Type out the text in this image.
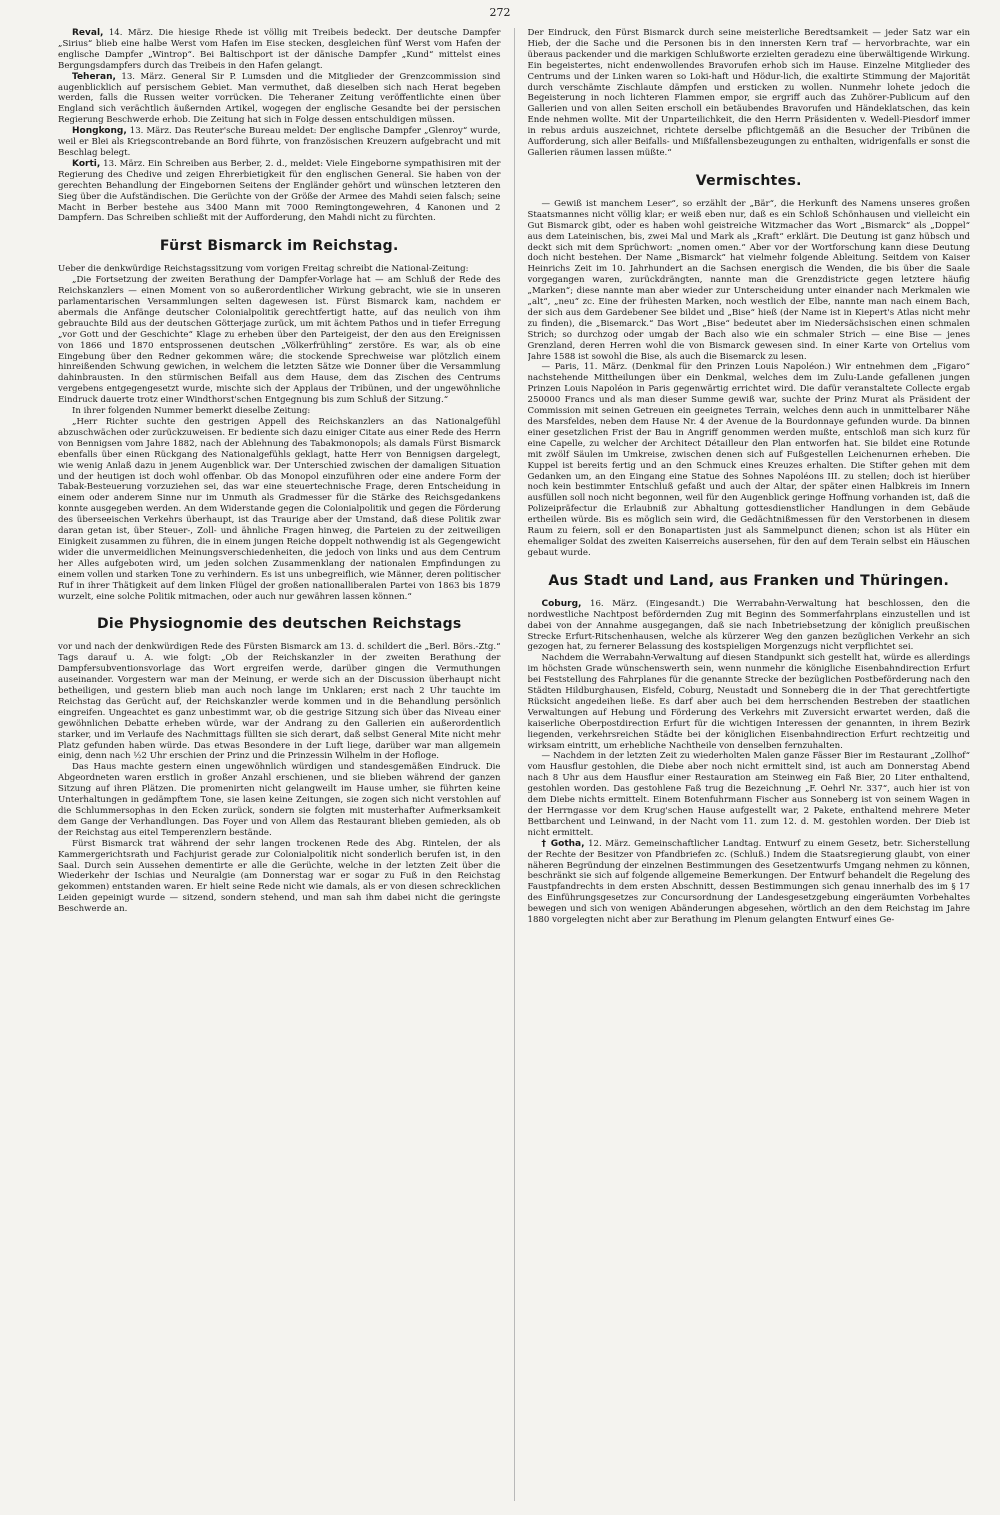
272

Reval, 14. März. Die hiesige Rhede ist völlig mit Treibeis bedeckt. Der deutsche Dampfer „Sirius“ blieb eine halbe Werst vom Hafen im Eise stecken, desgleichen fünf Werst vom Hafen der englische Dampfer „Wintrop“. Bei Baltischport ist der dänische Dampfer „Kund“ mittelst eines Bergungsdampfers durch das Treibeis in den Hafen gelangt.

Teheran, 13. März. General Sir P. Lumsden und die Mitglieder der Grenzcommission sind augenblicklich auf persischem Gebiet. Man vermuthet, daß dieselben sich nach Herat begeben werden, falls die Russen weiter vorrücken. Die Teheraner Zeitung veröffentlichte einen über England sich verächtlich äußernden Artikel, wogegen der englische Gesandte bei der persischen Regierung Beschwerde erhob. Die Zeitung hat sich in Folge dessen entschuldigen müssen.

Hongkong, 13. März. Das Reuter'sche Bureau meldet: Der englische Dampfer „Glenroy“ wurde, weil er Blei als Kriegscontrebande an Bord führte, von französischen Kreuzern aufgebracht und mit Beschlag belegt.

Korti, 13. März. Ein Schreiben aus Berber, 2. d., meldet: Viele Eingeborne sympathisiren mit der Regierung des Chedive und zeigen Ehrerbietigkeit für den englischen General. Sie haben von der gerechten Behandlung der Eingebornen Seitens der Engländer gehört und wünschen letzteren den Sieg über die Aufständischen. Die Gerüchte von der Größe der Armee des Mahdi seien falsch; seine Macht in Berber bestehe aus 3400 Mann mit 7000 Remingtongewehren, 4 Kanonen und 2 Dampfern. Das Schreiben schließt mit der Aufforderung, den Mahdi nicht zu fürchten.

Fürst Bismarck im Reichstag.

Ueber die denkwürdige Reichstagssitzung vom vorigen Freitag schreibt die National-Zeitung:

„Die Fortsetzung der zweiten Berathung der Dampfer-Vorlage hat — am Schluß der Rede des Reichskanzlers — einen Moment von so außerordentlicher Wirkung gebracht, wie sie in unseren parlamentarischen Versammlungen selten dagewesen ist. Fürst Bismarck kam, nachdem er abermals die Anfänge deutscher Colonialpolitik gerechtfertigt hatte, auf das neulich von ihm gebrauchte Bild aus der deutschen Götterjage zurück, um mit ächtem Pathos und in tiefer Erregung „vor Gott und der Geschichte“ Klage zu erheben über den Parteigeist, der den aus den Ereignissen von 1866 und 1870 entsprossenen deutschen „Völkerfrühling“ zerstöre. Es war, als ob eine Eingebung über den Redner gekommen wäre; die stockende Sprechweise war plötzlich einem hinreißenden Schwung gewichen, in welchem die letzten Sätze wie Donner über die Versammlung dahinbrausten. In den stürmischen Beifall aus dem Hause, dem das Zischen des Centrums vergebens entgegengesetzt wurde, mischte sich der Applaus der Tribünen, und der ungewöhnliche Eindruck dauerte trotz einer Windthorst'schen Entgegnung bis zum Schluß der Sitzung.“

In ihrer folgenden Nummer bemerkt dieselbe Zeitung:

„Herr Richter suchte den gestrigen Appell des Reichskanzlers an das Nationalgefühl abzuschwächen oder zurückzuweisen. Er bediente sich dazu einiger Citate aus einer Rede des Herrn von Bennigsen vom Jahre 1882, nach der Ablehnung des Tabakmonopols; als damals Fürst Bismarck ebenfalls über einen Rückgang des Nationalgefühls geklagt, hatte Herr von Bennigsen dargelegt, wie wenig Anlaß dazu in jenem Augenblick war. Der Unterschied zwischen der damaligen Situation und der heutigen ist doch wohl offenbar. Ob das Monopol einzuführen oder eine andere Form der Tabak-Besteuerung vorzuziehen sei, das war eine steuertechnische Frage, deren Entscheidung in einem oder anderem Sinne nur im Unmuth als Gradmesser für die Stärke des Reichsgedankens konnte ausgegeben werden. An dem Widerstande gegen die Colonialpolitik und gegen die Förderung des überseeischen Verkehrs überhaupt, ist das Traurige aber der Umstand, daß diese Politik zwar daran getan ist, über Steuer-, Zoll- und ähnliche Fragen hinweg, die Parteien zu der zeitweiligen Einigkeit zusammen zu führen, die in einem jungen Reiche doppelt nothwendig ist als Gegengewicht wider die unvermeidlichen Meinungsverschiedenheiten, die jedoch von links und aus dem Centrum her Alles aufgeboten wird, um jeden solchen Zusammenklang der nationalen Empfindungen zu einem vollen und starken Tone zu verhindern. Es ist uns unbegreiflich, wie Männer, deren politischer Ruf in ihrer Thätigkeit auf dem linken Flügel der großen nationalliberalen Partei von 1863 bis 1879 wurzelt, eine solche Politik mitmachen, oder auch nur gewähren lassen können.“

Die Physiognomie des deutschen Reichstags

vor und nach der denkwürdigen Rede des Fürsten Bismarck am 13. d. schildert die „Berl. Börs.-Ztg.“ Tags darauf u. A. wie folgt: „Ob der Reichskanzler in der zweiten Berathung der Dampfersubventionsvorlage das Wort ergreifen werde, darüber gingen die Vermuthungen auseinander. Vorgestern war man der Meinung, er werde sich an der Discussion überhaupt nicht betheiligen, und gestern blieb man auch noch lange im Unklaren; erst nach 2 Uhr tauchte im Reichstag das Gerücht auf, der Reichskanzler werde kommen und in die Behandlung persönlich eingreifen. Ungeachtet es ganz unbestimmt war, ob die gestrige Sitzung sich über das Niveau einer gewöhnlichen Debatte erheben würde, war der Andrang zu den Gallerien ein außerordentlich starker, und im Verlaufe des Nachmittags füllten sie sich derart, daß selbst General Mite nicht mehr Platz gefunden haben würde. Das etwas Besondere in der Luft liege, darüber war man allgemein einig, denn nach ½2 Uhr erschien der Prinz und die Prinzessin Wilhelm in der Hofloge.

Das Haus machte gestern einen ungewöhnlich würdigen und standesgemäßen Eindruck. Die Abgeordneten waren erstlich in großer Anzahl erschienen, und sie blieben während der ganzen Sitzung auf ihren Plätzen. Die promenirten nicht gelangweilt im Hause umher, sie führten keine Unterhaltungen in gedämpftem Tone, sie lasen keine Zeitungen, sie zogen sich nicht verstohlen auf die Schlummersophas in den Ecken zurück, sondern sie folgten mit musterhafter Aufmerksamkeit dem Gange der Verhandlungen. Das Foyer und von Allem das Restaurant blieben gemieden, als ob der Reichstag aus eitel Temperenzlern bestände.

Fürst Bismarck trat während der sehr langen trockenen Rede des Abg. Rintelen, der als Kammergerichtsrath und Fachjurist gerade zur Colonialpolitik nicht sonderlich berufen ist, in den Saal. Durch sein Aussehen dementirte er alle die Gerüchte, welche in der letzten Zeit über die Wiederkehr der Ischias und Neuralgie (am Donnerstag war er sogar zu Fuß in den Reichstag gekommen) entstanden waren. Er hielt seine Rede nicht wie damals, als er von diesen schrecklichen Leiden gepeinigt wurde — sitzend, sondern stehend, und man sah ihm dabei nicht die geringste Beschwerde an.

Der Eindruck, den Fürst Bismarck durch seine meisterliche Beredtsamkeit — jeder Satz war ein Hieb, der die Sache und die Personen bis in den innersten Kern traf — hervorbrachte, war ein überaus packender und die markigen Schlußworte erzielten geradezu eine überwältigende Wirkung. Ein begeistertes, nicht endenwollendes Bravorufen erhob sich im Hause. Einzelne Mitglieder des Centrums und der Linken waren so Loki-haft und Hödur-lich, die exaltirte Stimmung der Majorität durch verschämte Zischlaute dämpfen und ersticken zu wollen. Nunmehr lohete jedoch die Begeisterung in noch lichteren Flammen empor, sie ergriff auch das Zuhörer-Publicum auf den Gallerien und von allen Seiten erscholl ein betäubendes Bravorufen und Händeklatschen, das kein Ende nehmen wollte. Mit der Unparteilichkeit, die den Herrn Präsidenten v. Wedell-Piesdorf immer in rebus arduis auszeichnet, richtete derselbe pflichtgemäß an die Besucher der Tribünen die Aufforderung, sich aller Beifalls- und Mißfallensbezeugungen zu enthalten, widrigenfalls er sonst die Gallerien räumen lassen müßte.“

Vermischtes.

— Gewiß ist manchem Leser“, so erzählt der „Bär“, die Herkunft des Namens unseres großen Staatsmannes nicht völlig klar; er weiß eben nur, daß es ein Schloß Schönhausen und vielleicht ein Gut Bismarck gibt, oder es haben wohl geistreiche Witzmacher das Wort „Bismarck“ als „Doppel“ aus dem Lateinischen, bis, zwei Mal und Mark als „Kraft“ erklärt. Die Deutung ist ganz hübsch und deckt sich mit dem Sprüchwort: „nomen omen.“ Aber vor der Wortforschung kann diese Deutung doch nicht bestehen. Der Name „Bismarck“ hat vielmehr folgende Ableitung. Seitdem von Kaiser Heinrichs Zeit im 10. Jahrhundert an die Sachsen energisch die Wenden, die bis über die Saale vorgegangen waren, zurückdrängten, nannte man die Grenzdistricte gegen letztere häufig „Marken“; diese nannte man aber wieder zur Unterscheidung unter einander nach Merkmalen wie „alt“, „neu“ zc. Eine der frühesten Marken, noch westlich der Elbe, nannte man nach einem Bach, der sich aus dem Gardebener See bildet und „Bise“ hieß (der Name ist in Kiepert's Atlas nicht mehr zu finden), die „Bisemarck.“ Das Wort „Bise“ bedeutet aber im Niedersächsischen einen schmalen Strich; so durchzog oder umgab der Bach also wie ein schmaler Strich — eine Bise — jenes Grenzland, deren Herren wohl die von Bismarck gewesen sind. In einer Karte von Ortelius vom Jahre 1588 ist sowohl die Bise, als auch die Bisemarck zu lesen.

— Paris, 11. März. (Denkmal für den Prinzen Louis Napoléon.) Wir entnehmen dem „Figaro“ nachstehende Mittheilungen über ein Denkmal, welches dem im Zulu-Lande gefallenen jungen Prinzen Louis Napoléon in Paris gegenwärtig errichtet wird. Die dafür veranstaltete Collecte ergab 250000 Francs und als man dieser Summe gewiß war, suchte der Prinz Murat als Präsident der Commission mit seinen Getreuen ein geeignetes Terrain, welches denn auch in unmittelbarer Nähe des Marsfeldes, neben dem Hause Nr. 4 der Avenue de la Bourdonnaye gefunden wurde. Da binnen einer gesetzlichen Frist der Bau in Angriff genommen werden mußte, entschloß man sich kurz für eine Capelle, zu welcher der Architect Détailleur den Plan entworfen hat. Sie bildet eine Rotunde mit zwölf Säulen im Umkreise, zwischen denen sich auf Fußgestellen Leichenurnen erheben. Die Kuppel ist bereits fertig und an den Schmuck eines Kreuzes erhalten. Die Stifter gehen mit dem Gedanken um, an den Eingang eine Statue des Sohnes Napoléons III. zu stellen; doch ist hierüber noch kein bestimmter Entschluß gefaßt und auch der Altar, der später einen Halbkreis im Innern ausfüllen soll noch nicht begonnen, weil für den Augenblick geringe Hoffnung vorhanden ist, daß die Polizeipräfectur die Erlaubniß zur Abhaltung gottesdienstlicher Handlungen in dem Gebäude ertheilen würde. Bis es möglich sein wird, die Gedächtnißmessen für den Verstorbenen in diesem Raum zu feiern, soll er den Bonapartisten just als Sammelpunct dienen; schon ist als Hüter ein ehemaliger Soldat des zweiten Kaiserreichs ausersehen, für den auf dem Terain selbst ein Häuschen gebaut wurde.

Aus Stadt und Land, aus Franken und Thüringen.

Coburg, 16. März. (Eingesandt.) Die Werrabahn-Verwaltung hat beschlossen, den die nordwestliche Nachtpost befördernden Zug mit Beginn des Sommerfahrplans einzustellen und ist dabei von der Annahme ausgegangen, daß sie nach Inbetriebsetzung der königlich preußischen Strecke Erfurt-Ritschenhausen, welche als kürzerer Weg den ganzen bezüglichen Verkehr an sich gezogen hat, zu fernerer Belassung des kostspieligen Morgenzugs nicht verpflichtet sei.

Nachdem die Werrabahn-Verwaltung auf diesen Standpunkt sich gestellt hat, würde es allerdings im höchsten Grade wünschenswerth sein, wenn nunmehr die königliche Eisenbahndirection Erfurt bei Feststellung des Fahrplanes für die genannte Strecke der bezüglichen Postbeförderung nach den Städten Hildburghausen, Eisfeld, Coburg, Neustadt und Sonneberg die in der That gerechtfertigte Rücksicht angedeihen ließe. Es darf aber auch bei dem herrschenden Bestreben der staatlichen Verwaltungen auf Hebung und Förderung des Verkehrs mit Zuversicht erwartet werden, daß die kaiserliche Oberpostdirection Erfurt für die wichtigen Interessen der genannten, in ihrem Bezirk liegenden, verkehrsreichen Städte bei der königlichen Eisenbahndirection Erfurt rechtzeitig und wirksam eintritt, um erhebliche Nachtheile von denselben fernzuhalten.

— Nachdem in der letzten Zeit zu wiederholten Malen ganze Fässer Bier im Restaurant „Zollhof“ vom Hausflur gestohlen, die Diebe aber noch nicht ermittelt sind, ist auch am Donnerstag Abend nach 8 Uhr aus dem Hausflur einer Restauration am Steinweg ein Faß Bier, 20 Liter enthaltend, gestohlen worden. Das gestohlene Faß trug die Bezeichnung „F. Oehrl Nr. 337“, auch hier ist von dem Diebe nichts ermittelt. Einem Botenfuhrmann Fischer aus Sonneberg ist von seinem Wagen in der Herrngasse vor dem Krug'schen Hause aufgestellt war, 2 Pakete, enthaltend mehrere Meter Bettbarchent und Leinwand, in der Nacht vom 11. zum 12. d. M. gestohlen worden. Der Dieb ist nicht ermittelt.

† Gotha, 12. März. Gemeinschaftlicher Landtag. Entwurf zu einem Gesetz, betr. Sicherstellung der Rechte der Besitzer von Pfandbriefen zc. (Schluß.) Indem die Staatsregierung glaubt, von einer näheren Begründung der einzelnen Bestimmungen des Gesetzentwurfs Umgang nehmen zu können, beschränkt sie sich auf folgende allgemeine Bemerkungen. Der Entwurf behandelt die Regelung des Faustpfandrechts in dem ersten Abschnitt, dessen Bestimmungen sich genau innerhalb des im § 17 des Einführungsgesetzes zur Concursordnung der Landesgesetzgebung eingeräumten Vorbehaltes bewegen und sich von wenigen Abänderungen abgesehen, wörtlich an den dem Reichstag im Jahre 1880 vorgelegten nicht aber zur Berathung im Plenum gelangten Entwurf eines Ge-
